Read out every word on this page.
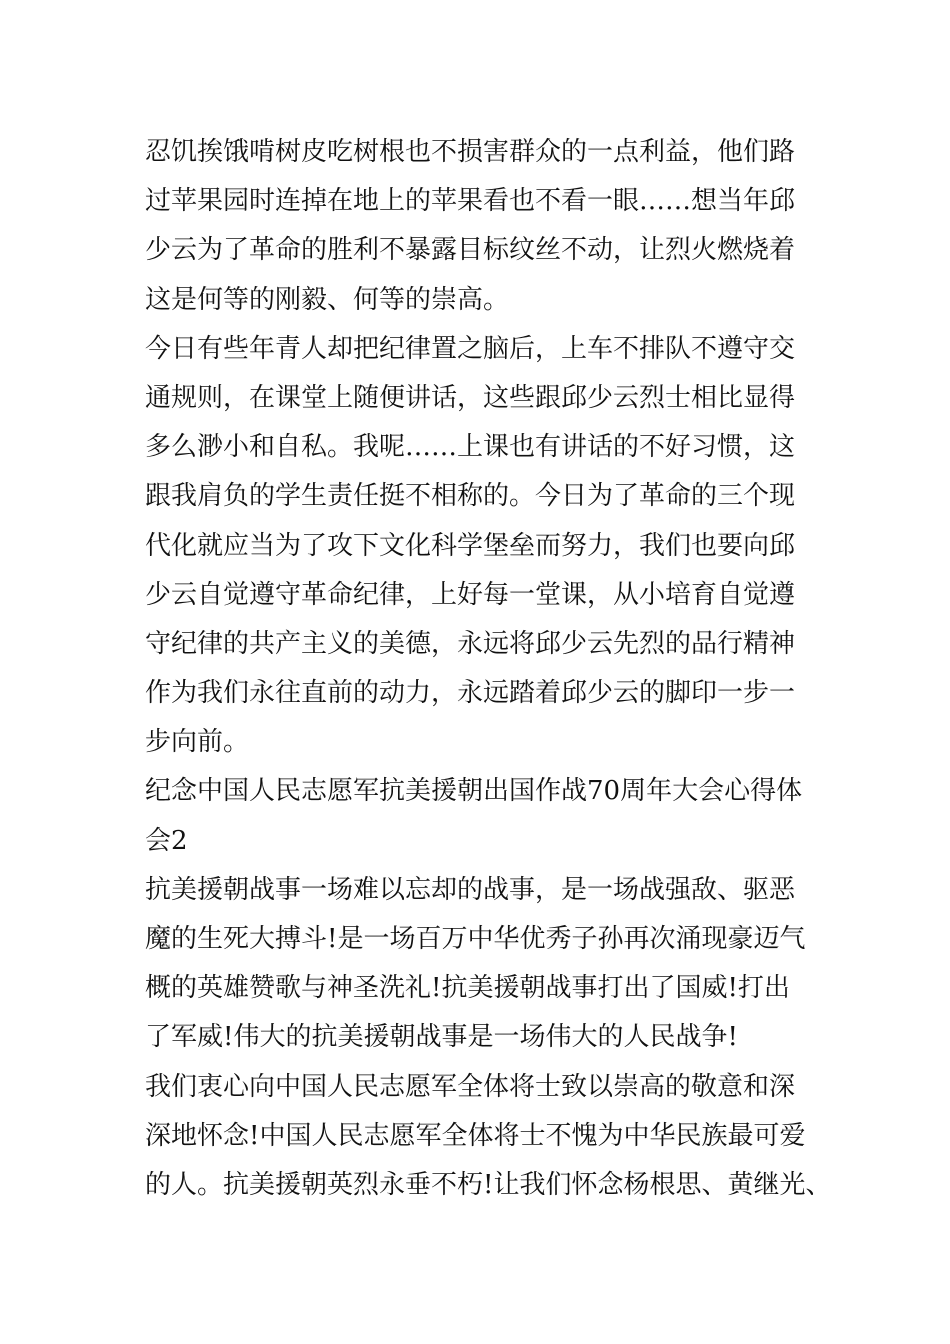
忍饥挨饿啃树皮吃树根也不损害群众的一点利益，他们路
过苹果园时连掉在地上的苹果看也不看一眼……想当年邱
少云为了革命的胜利不暴露目标纹丝不动，让烈火燃烧着
这是何等的刚毅、何等的崇高。
今日有些年青人却把纪律置之脑后，上车不排队不遵守交
通规则，在课堂上随便讲话，这些跟邱少云烈士相比显得
多么渺小和自私。我呢……上课也有讲话的不好习惯，这
跟我肩负的学生责任挺不相称的。今日为了革命的三个现
代化就应当为了攻下文化科学堡垒而努力，我们也要向邱
少云自觉遵守革命纪律，上好每一堂课，从小培育自觉遵
守纪律的共产主义的美德，永远将邱少云先烈的品行精神
作为我们永往直前的动力，永远踏着邱少云的脚印一步一
步向前。
纪念中国人民志愿军抗美援朝出国作战70周年大会心得体
会2
抗美援朝战事一场难以忘却的战事，是一场战强敌、驱恶
魔的生死大搏斗!是一场百万中华优秀子孙再次涌现豪迈气
概的英雄赞歌与神圣洗礼!抗美援朝战事打出了国威!打出
了军威!伟大的抗美援朝战事是一场伟大的人民战争!
我们衷心向中国人民志愿军全体将士致以崇高的敬意和深
深地怀念!中国人民志愿军全体将士不愧为中华民族最可爱
的人。抗美援朝英烈永垂不朽!让我们怀念杨根思、黄继光、
